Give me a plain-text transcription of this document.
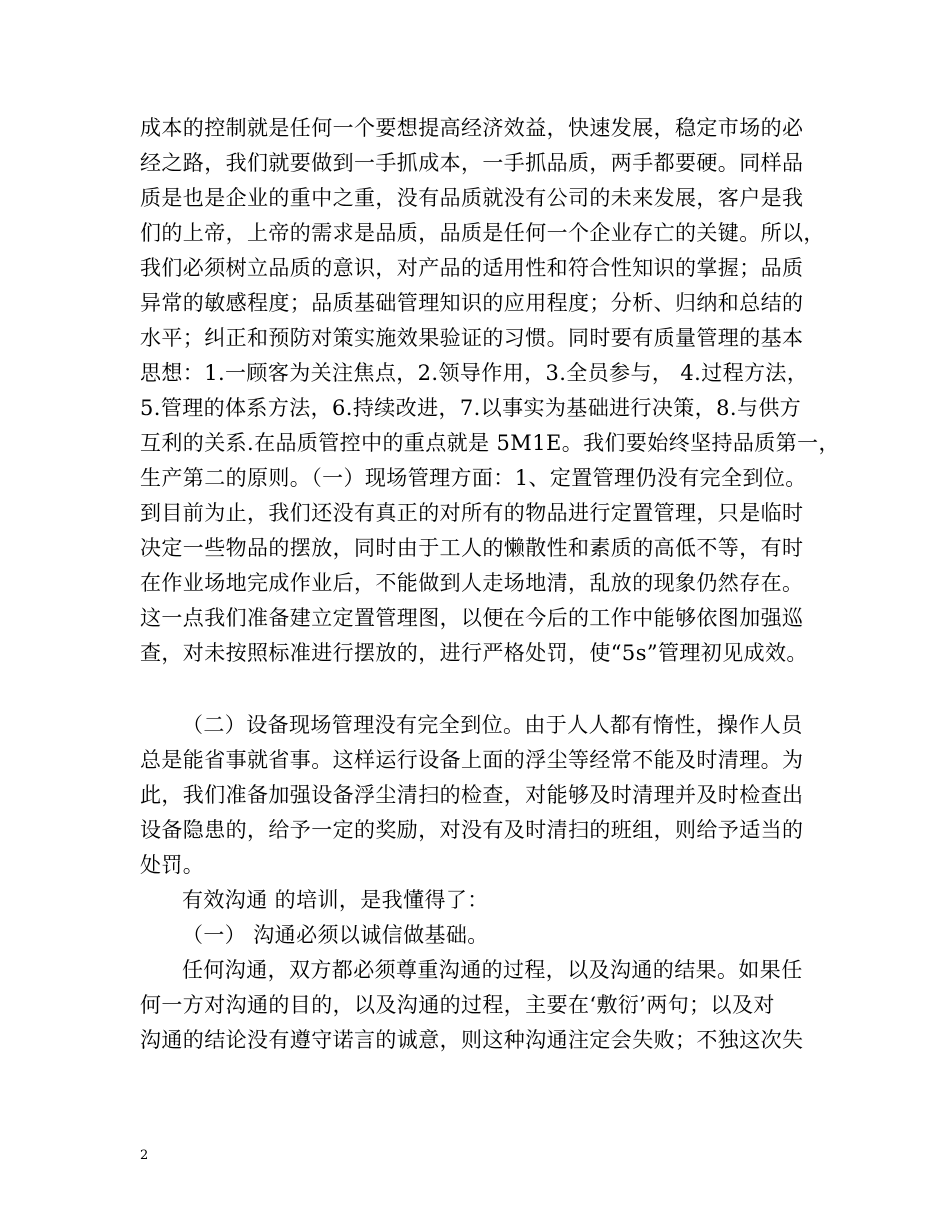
成本的控制就是任何一个要想提高经济效益，快速发展，稳定市场的必
经之路，我们就要做到一手抓成本，一手抓品质，两手都要硬。同样品
质是也是企业的重中之重，没有品质就没有公司的未来发展，客户是我
们的上帝，上帝的需求是品质，品质是任何一个企业存亡的关键。所以，
我们必须树立品质的意识，对产品的适用性和符合性知识的掌握；品质
异常的敏感程度；品质基础管理知识的应用程度；分析、归纳和总结的
水平；纠正和预防对策实施效果验证的习惯。同时要有质量管理的基本
思想：1.一顾客为关注焦点，2.领导作用，3.全员参与， 4.过程方法，
5.管理的体系方法，6.持续改进，7.以事实为基础进行决策，8.与供方
互利的关系.在品质管控中的重点就是 5M1E。我们要始终坚持品质第一，
生产第二的原则。（一）现场管理方面：1、定置管理仍没有完全到位。
到目前为止，我们还没有真正的对所有的物品进行定置管理，只是临时
决定一些物品的摆放，同时由于工人的懒散性和素质的高低不等，有时
在作业场地完成作业后，不能做到人走场地清，乱放的现象仍然存在。
这一点我们准备建立定置管理图，以便在今后的工作中能够依图加强巡
查，对未按照标准进行摆放的，进行严格处罚，使“5s”管理初见成效。
（二）设备现场管理没有完全到位。由于人人都有惰性，操作人员
总是能省事就省事。这样运行设备上面的浮尘等经常不能及时清理。为
此，我们准备加强设备浮尘清扫的检查，对能够及时清理并及时检查出
设备隐患的，给予一定的奖励，对没有及时清扫的班组，则给予适当的
处罚。
有效沟通 的培训，是我懂得了：
（一） 沟通必须以诚信做基础。
任何沟通，双方都必须尊重沟通的过程，以及沟通的结果。如果任
何一方对沟通的目的，以及沟通的过程，主要在‘敷衍’两句；以及对
沟通的结论没有遵守诺言的诚意，则这种沟通注定会失败；不独这次失
2
